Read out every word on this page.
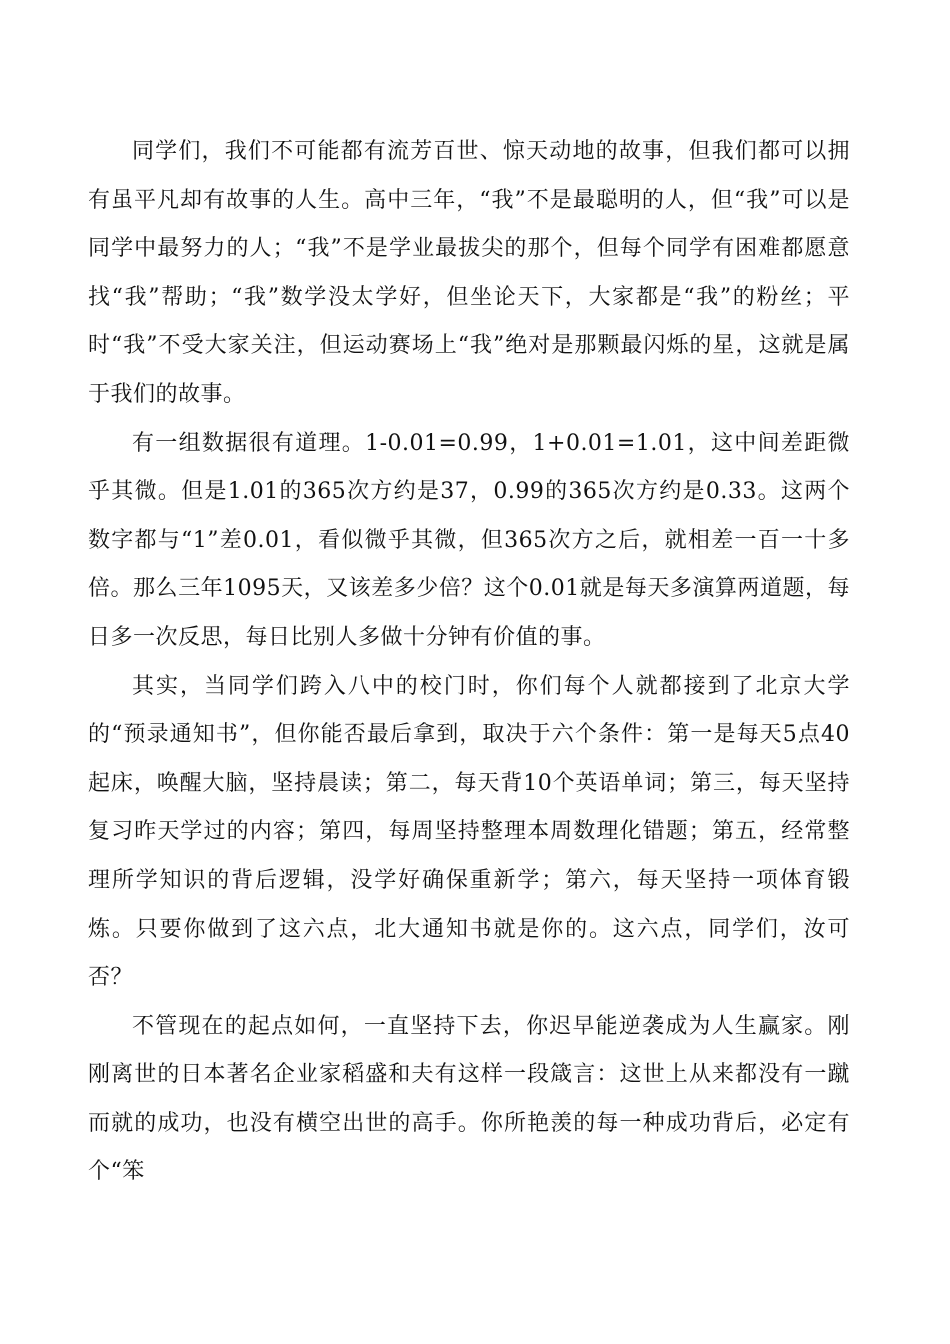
同学们，我们不可能都有流芳百世、惊天动地的故事，但我们都可以拥有虽平凡却有故事的人生。高中三年，“我”不是最聪明的人，但“我”可以是同学中最努力的人；“我”不是学业最拔尖的那个，但每个同学有困难都愿意找“我”帮助；“我”数学没太学好，但坐论天下，大家都是“我”的粉丝；平时“我”不受大家关注，但运动赛场上“我”绝对是那颗最闪烁的星，这就是属于我们的故事。

有一组数据很有道理。1-0.01=0.99，1+0.01=1.01，这中间差距微乎其微。但是1.01的365次方约是37，0.99的365次方约是0.33。这两个数字都与“1”差0.01，看似微乎其微，但365次方之后，就相差一百一十多倍。那么三年1095天，又该差多少倍？这个0.01就是每天多演算两道题，每日多一次反思，每日比别人多做十分钟有价值的事。

其实，当同学们跨入八中的校门时，你们每个人就都接到了北京大学的“预录通知书”，但你能否最后拿到，取决于六个条件：第一是每天5点40起床，唤醒大脑，坚持晨读；第二，每天背10个英语单词；第三，每天坚持复习昨天学过的内容；第四，每周坚持整理本周数理化错题；第五，经常整理所学知识的背后逻辑，没学好确保重新学；第六，每天坚持一项体育锻炼。只要你做到了这六点，北大通知书就是你的。这六点，同学们，汝可否？

不管现在的起点如何，一直坚持下去，你迟早能逆袭成为人生赢家。刚刚离世的日本著名企业家稻盛和夫有这样一段箴言：这世上从来都没有一蹴而就的成功，也没有横空出世的高手。你所艳羡的每一种成功背后，必定有个“笨
